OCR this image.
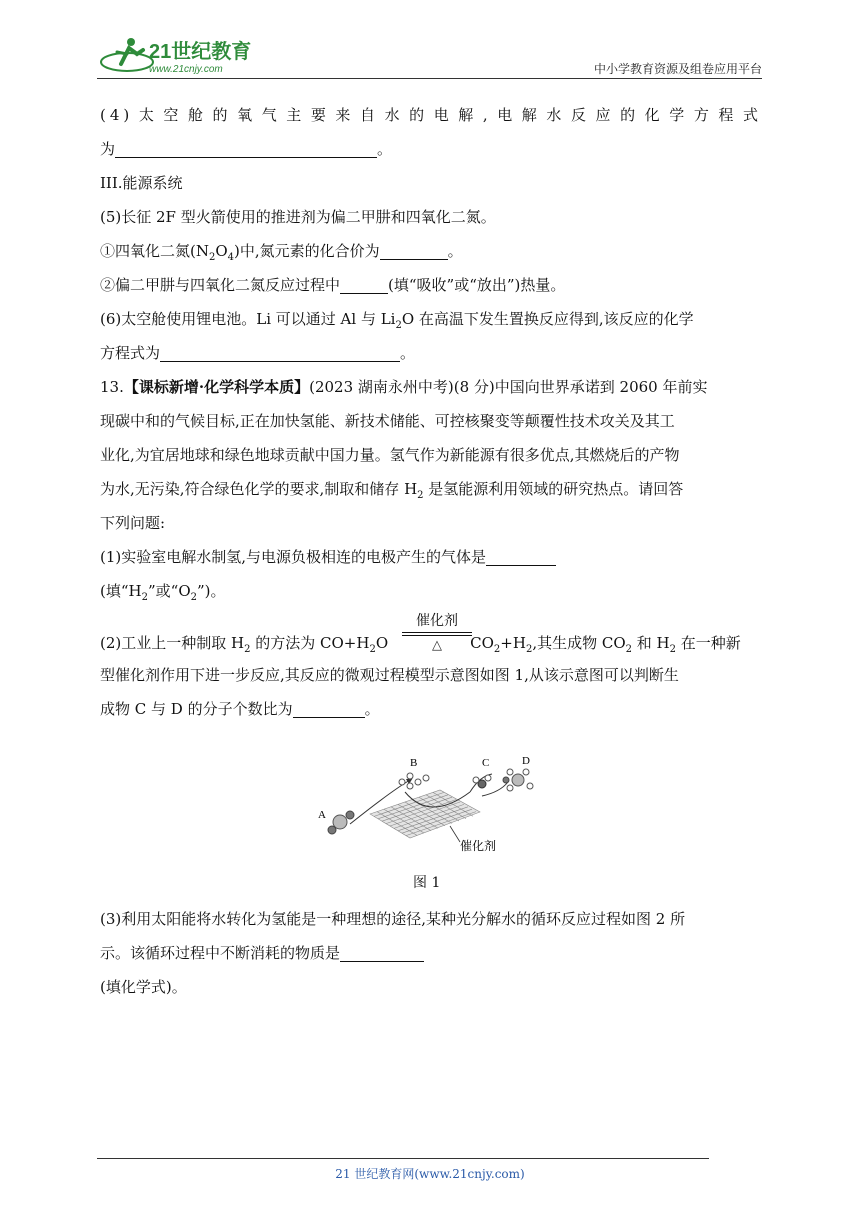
21世纪教育
www.21cnjy.com	中小学教育资源及组卷应用平台
(4)太空舱的氧气主要来自水的电解,电解水反应的化学方程式
为	。
III.能源系统
(5)长征 2F 型火箭使用的推进剂为偏二甲肼和四氧化二氮。
①四氧化二氮$(N_2O_4)$中,氮元素的化合价为	。
②偏二甲肼与四氧化二氮反应过程中	(填“吸收”或“放出”)热量。
(6)太空舱使用锂电池。Li 可以通过 Al 与 $Li_2O$ 在高温下发生置换反应得到,该反应的化学
方程式为	。
13.【课标新增·化学科学本质】(2023 湖南永州中考)(8 分)中国向世界承诺到 2060 年前实
现碳中和的气候目标,正在加快氢能、新技术储能、可控核聚变等颠覆性技术攻关及其工
业化,为宜居地球和绿色地球贡献中国力量。氢气作为新能源有很多优点,其燃烧后的产物
为水,无污染,符合绿色化学的要求,制取和储存 $H_2$ 是氢能源利用领域的研究热点。请回答
下列问题:
(1)实验室电解水制氢,与电源负极相连的电极产生的气体是
(填“$H_2$”或“$O_2$”)。
催化剂
△
(2)工业上一种制取 $H_2$ 的方法为 $CO+H_2O$	$CO_2+H_2$,其生成物 $CO_2$ 和 $H_2$ 在一种新
型催化剂作用下进一步反应,其反应的微观过程模型示意图如图 1,从该示意图可以判断生
成物 C 与 D 的分子个数比为	。
A
B	C	D
催化剂
图 1
(3)利用太阳能将水转化为氢能是一种理想的途径,某种光分解水的循环反应过程如图 2 所
示。该循环过程中不断消耗的物质是
(填化学式)。
21 世纪教育网(www.21cnjy.com)
